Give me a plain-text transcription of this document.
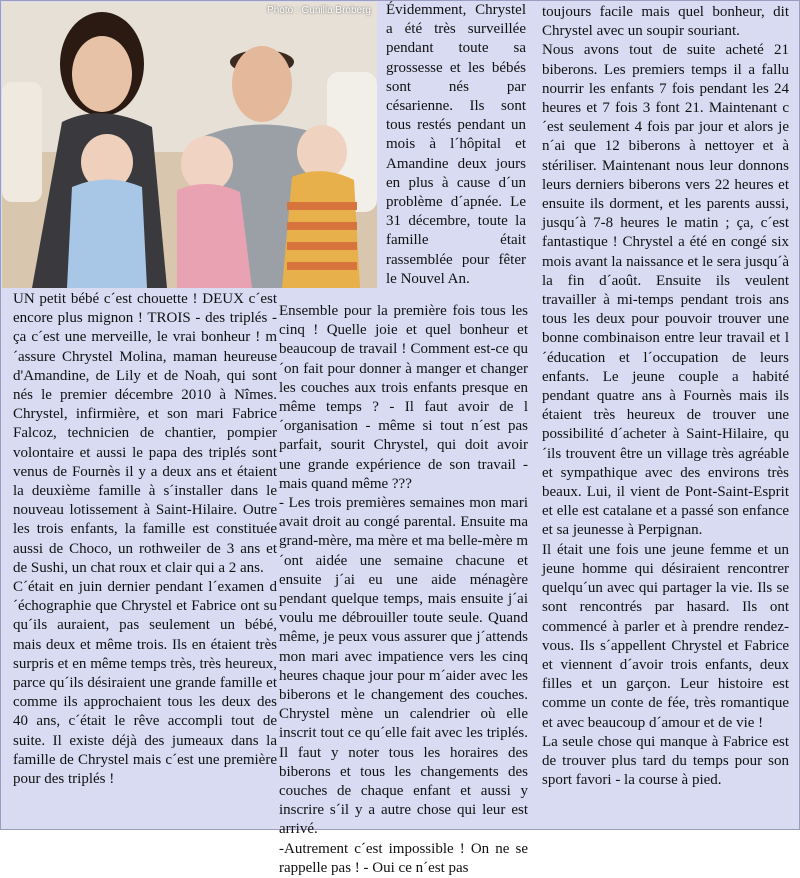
Photo : Gunilla Broberg Évidemment, Chrystel a été très surveillée pendant toute sa grossesse et les bébés sont nés par césarienne. Ils sont tous restés pendant un mois à l´hôpital et Amandine deux jours en plus à cause d´un problème d´apnée. Le 31 décembre, toute la famille était rassemblée pour fêter le Nouvel An.

UN petit bébé c´est chouette ! DEUX c´est encore plus mignon ! TROIS - des triplés - ça c´est une merveille, le vrai bonheur ! m´assure Chrystel Molina, maman heureuse d'Amandine, de Lily et de Noah, qui sont nés le premier décembre 2010 à Nîmes. Chrystel, infirmière, et son mari Fabrice Falcoz, technicien de chantier, pompier volontaire et aussi le papa des triplés sont venus de Fournès il y a deux ans et étaient la deuxième famille à s´installer dans le nouveau lotissement à Saint-Hilaire. Outre les trois enfants, la famille est constituée aussi de Choco, un rothweiler de 3 ans et de Sushi, un chat roux et clair qui a 2 ans.

C´était en juin dernier pendant l´examen d´échographie que Chrystel et Fabrice ont su qu´ils auraient, pas seulement un bébé, mais deux et même trois. Ils en étaient très surpris et en même temps très, très heureux, parce qu´ils désiraient une grande famille et comme ils approchaient tous les deux des 40 ans, c´était le rêve accompli tout de suite. Il existe déjà des jumeaux dans la famille de Chrystel mais c´est une première pour des triplés !

Ensemble pour la première fois tous les cinq ! Quelle joie et quel bonheur et beaucoup de travail ! Comment est-ce qu´on fait pour donner à manger et changer les couches aux trois enfants presque en même temps ? - Il faut avoir de l´organisation - même si tout n´est pas parfait, sourit Chrystel, qui doit avoir une grande expérience de son travail - mais quand même ???

- Les trois premières semaines mon mari avait droit au congé parental. Ensuite ma grand-mère, ma mère et ma belle-mère m´ont aidée une semaine chacune et ensuite j´ai eu une aide ménagère pendant quelque temps, mais ensuite j´ai voulu me débrouiller toute seule. Quand même, je peux vous assurer que j´attends mon mari avec impatience vers les cinq heures chaque jour pour m´aider avec les biberons et le changement des couches. Chrystel mène un calendrier où elle inscrit tout ce qu´elle fait avec les triplés. Il faut y noter tous les horaires des biberons et tous les changements des couches de chaque enfant et aussi y inscrire s´il y a autre chose qui leur est arrivé.

-Autrement c´est impossible ! On ne se rappelle pas ! - Oui ce n´est pas

toujours facile mais quel bonheur, dit Chrystel avec un soupir souriant.

Nous avons tout de suite acheté 21 biberons. Les premiers temps il a fallu nourrir les enfants 7 fois pendant les 24 heures et 7 fois 3 font 21. Maintenant c´est seulement 4 fois par jour et alors je n´ai que 12 biberons à nettoyer et à stériliser. Maintenant nous leur donnons leurs derniers biberons vers 22 heures et ensuite ils dorment, et les parents aussi, jusqu´à 7-8 heures le matin ; ça, c´est fantastique ! Chrystel a été en congé six mois avant la naissance et le sera jusqu´à la fin d´août. Ensuite ils veulent travailler à mi-temps pendant trois ans tous les deux pour pouvoir trouver une bonne combinaison entre leur travail et l´éducation et l´occupation de leurs enfants. Le jeune couple a habité pendant quatre ans à Fournès mais ils étaient très heureux de trouver une possibilité d´acheter à Saint-Hilaire, qu´ils trouvent être un village très agréable et sympathique avec des environs très beaux. Lui, il vient de Pont-Saint-Esprit et elle est catalane et a passé son enfance et sa jeunesse à Perpignan.

Il était une fois une jeune femme et un jeune homme qui désiraient rencontrer quelqu´un avec qui partager la vie. Ils se sont rencontrés par hasard. Ils ont commencé à parler et à prendre rendez-vous. Ils s´appellent Chrystel et Fabrice et viennent d´avoir trois enfants, deux filles et un garçon. Leur histoire est comme un conte de fée, très romantique et avec beaucoup d´amour et de vie !

La seule chose qui manque à Fabrice est de trouver plus tard du temps pour son sport favori - la course à pied.
